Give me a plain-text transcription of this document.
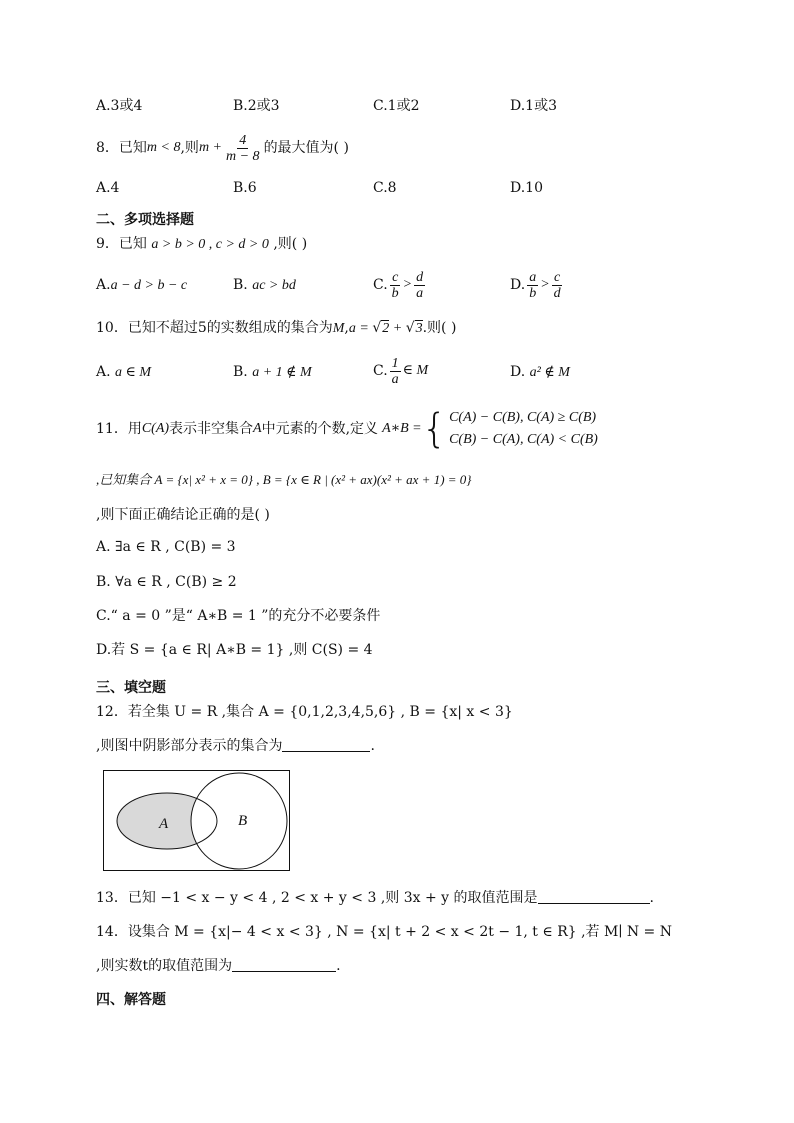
A.3或4	B.2或3	C.1或2	D.1或3
8．已知 m < 8 ,则 $m + \frac{4}{m - 8}$ 的最大值为( )
A.4	B.6	C.8	D.10
二、多项选择题
9．已知 a > b > 0 , c > d > 0 ,则( )
A.a − d > b − c	B. ac > bd	C. $\frac{c}{b} > \frac{d}{a}$	D. $\frac{a}{b} > \frac{c}{d}$
10．已知不超过5的实数组成的集合为M,a = √2 + √3.则( )
A. a ∈ M	B. a + 1 ∉ M	C. $\frac{1}{a}$ ∈ M	D. a² ∉ M
11．用 C(A) 表示非空集合 A 中元素的个数,定义 A∗B = { C(A) − C(B), C(A) ≥ C(B)
C(B) − C(A), C(A) < C(B)
,已知集合 A = {x| x² + x = 0} , B = {x ∈ R | (x² + ax)(x² + ax + 1) = 0}
,则下面正确结论正确的是( )
A. ∃a ∈ R , C(B) = 3
B. ∀a ∈ R , C(B) ≥ 2
C.“ a = 0 ”是“ A∗B = 1 ”的充分不必要条件
D.若 S = {a ∈ R| A∗B = 1} ,则 C(S) = 4
三、填空题
12．若全集 U = R ,集合 A = {0,1,2,3,4,5,6} , B = {x| x < 3}
,则图中阴影部分表示的集合为	.
A	B
13．已知 −1 < x − y < 4 , 2 < x + y < 3 ,则 3x + y 的取值范围是	.
14．设集合 M = {x|− 4 < x < 3} , N = {x| t + 2 < x < 2t − 1, t ∈ R} ,若 M∣ N = N
,则实数t的取值范围为	.
四、解答题
